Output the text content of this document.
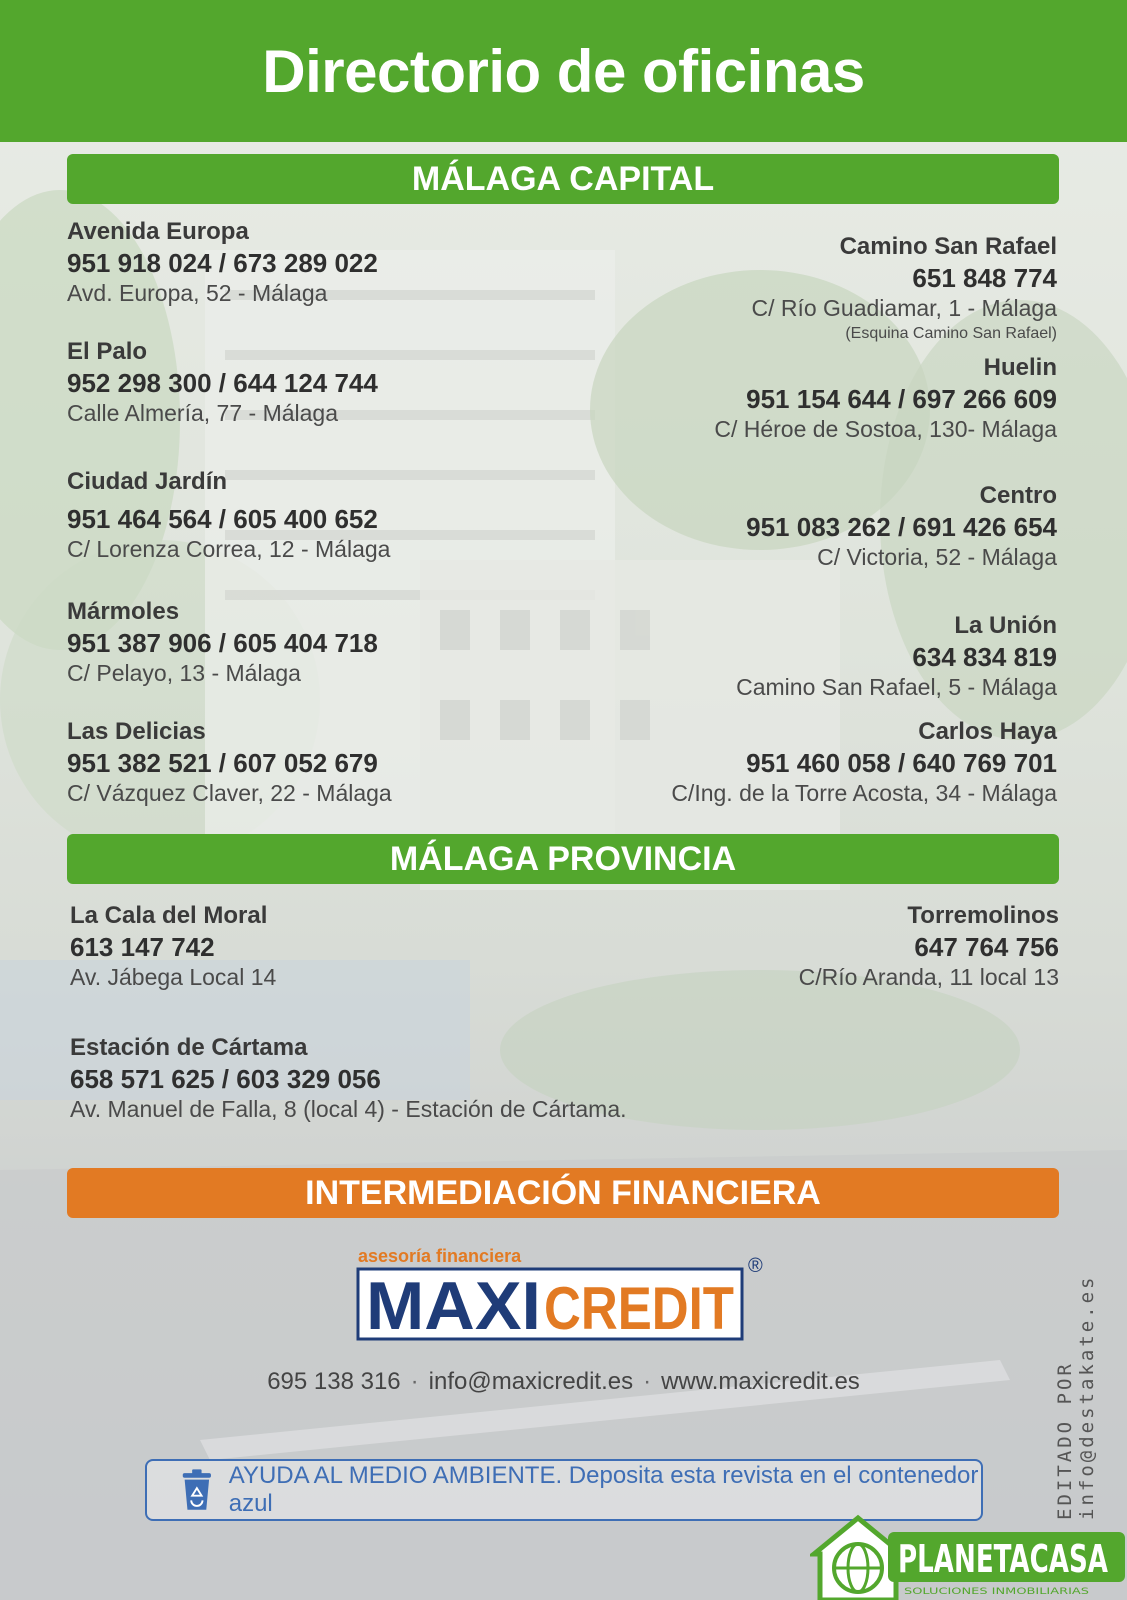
Directorio de oficinas
MÁLAGA CAPITAL
Avenida Europa
951 918 024 / 673 289 022
Avd. Europa, 52 - Málaga
El Palo
952 298 300 / 644 124 744
Calle Almería, 77 - Málaga
Ciudad Jardín
951 464 564 / 605 400 652
C/ Lorenza Correa, 12 - Málaga
Mármoles
951 387 906 / 605 404 718
C/ Pelayo, 13 - Málaga
Las Delicias
951 382 521 / 607 052 679
C/ Vázquez Claver, 22 - Málaga
Camino San Rafael
651 848 774
C/ Río Guadiamar, 1 - Málaga
(Esquina Camino San Rafael)
Huelin
951 154 644 / 697 266 609
C/ Héroe de Sostoa, 130- Málaga
Centro
951 083 262 / 691 426 654
C/ Victoria, 52 - Málaga
La Unión
634 834 819
Camino San Rafael, 5 - Málaga
Carlos Haya
951 460 058 / 640 769 701
C/Ing. de la Torre Acosta, 34 - Málaga
MÁLAGA PROVINCIA
La Cala del Moral
613 147 742
Av. Jábega Local 14
Estación de Cártama
658 571 625 / 603 329 056
Av. Manuel de Falla, 8 (local 4) - Estación de Cártama.
Torremolinos
647 764 756
C/Río Aranda, 11 local 13
INTERMEDIACIÓN FINANCIERA
asesoría financiera
MAXI CREDIT
®
695 138 316 · info@maxicredit.es · www.maxicredit.es
AYUDA AL MEDIO AMBIENTE. Deposita esta revista en el contenedor azul	EDITADO POR info@destakate.es
PLANETACASA
SOLUCIONES INMOBILIARIAS
